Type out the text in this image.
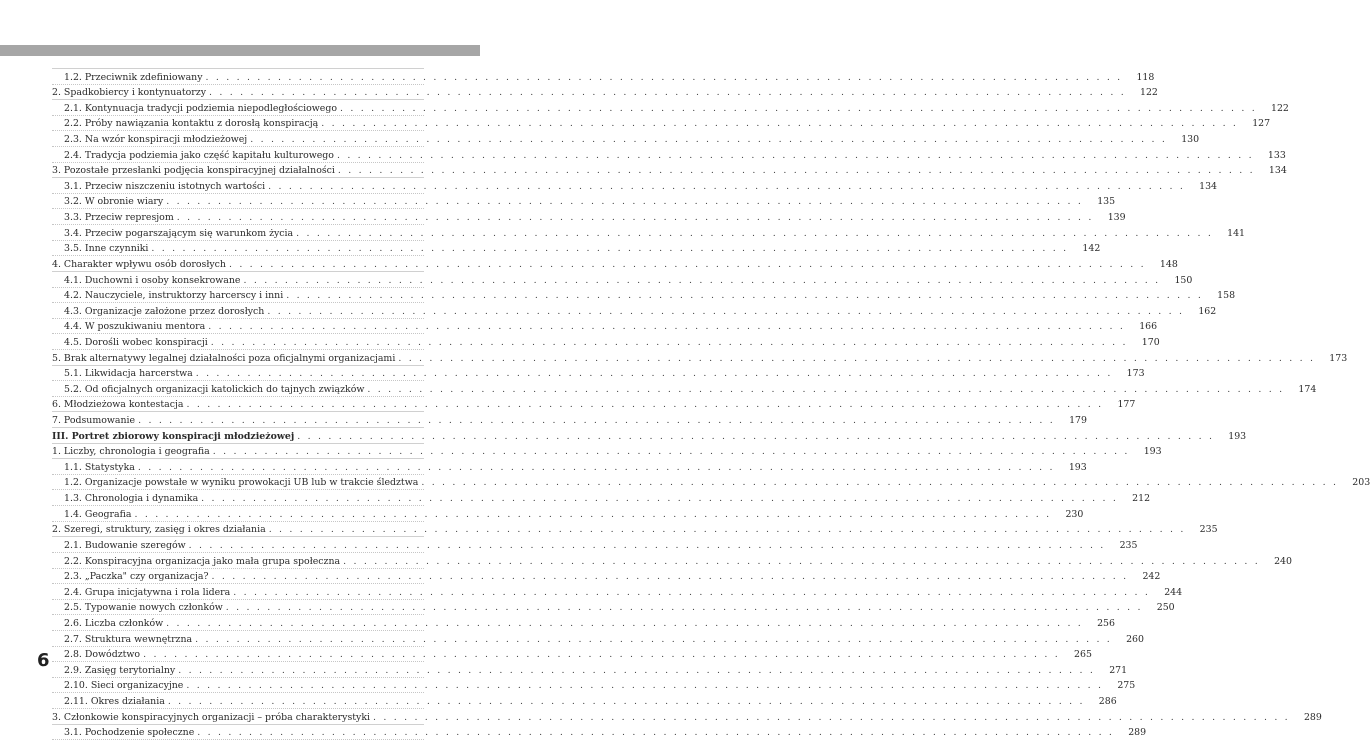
1.2. Przeciwnik zdefiniowany . . .	118
2. Spadkobiercy i kontynuatorzy . . .	122
2.1. Kontynuacja tradycji podziemia niepodległościowego . . .	122
2.2. Próby nawiązania kontaktu z dorosłą konspiracją . . .	127
2.3. Na wzór konspiracji młodzieżowej . . .	130
2.4. Tradycja podziemia jako część kapitału kulturowego . . .	133
3. Pozostałe przesłanki podjęcia konspiracyjnej działalności . . .	134
3.1. Przeciw niszczeniu istotnych wartości . . .	134
3.2. W obronie wiary . . .	135
3.3. Przeciw represjom . . .	139
3.4. Przeciw pogarszającym się warunkom życia . . .	141
3.5. Inne czynniki . . .	142
4. Charakter wpływu osób dorosłych . . .	148
4.1. Duchowni i osoby konsekrowane . . .	150
4.2. Nauczyciele, instruktorzy harcerscy i inni . . .	158
4.3. Organizacje założone przez dorosłych . . .	162
4.4. W poszukiwaniu mentora . . .	166
4.5. Dorośli wobec konspiracji . . .	170
5. Brak alternatywy legalnej działalności poza oficjalnymi organizacjami . . .	173
5.1. Likwidacja harcerstwa . . .	173
5.2. Od oficjalnych organizacji katolickich do tajnych związków . . .	174
6. Młodzieżowa kontestacja . . .	177
7. Podsumowanie . . .	179
III. Portret zbiorowy konspiracji młodzieżowej . . .	193
1. Liczby, chronologia i geografia . . .	193
1.1. Statystyka . . .	193
1.2. Organizacje powstałe w wyniku prowokacji UB lub w trakcie śledztwa . . .	203
1.3. Chronologia i dynamika . . .	212
1.4. Geografia . . .	230
2. Szeregi, struktury, zasięg i okres działania . . .	235
2.1. Budowanie szeregów . . .	235
2.2. Konspiracyjna organizacja jako mała grupa społeczna . . .	240
2.3. „Paczka" czy organizacja? . . .	242
2.4. Grupa inicjatywna i rola lidera . . .	244
2.5. Typowanie nowych członków . . .	250
2.6. Liczba członków . . .	256
2.7. Struktura wewnętrzna . . .	260
2.8. Dowództwo . . .	265
2.9. Zasięg terytorialny . . .	271
2.10. Sieci organizacyjne . . .	275
2.11. Okres działania . . .	286
3. Członkowie konspiracyjnych organizacji – próba charakterystyki . . .	289
3.1. Pochodzenie społeczne . . .	289
6
